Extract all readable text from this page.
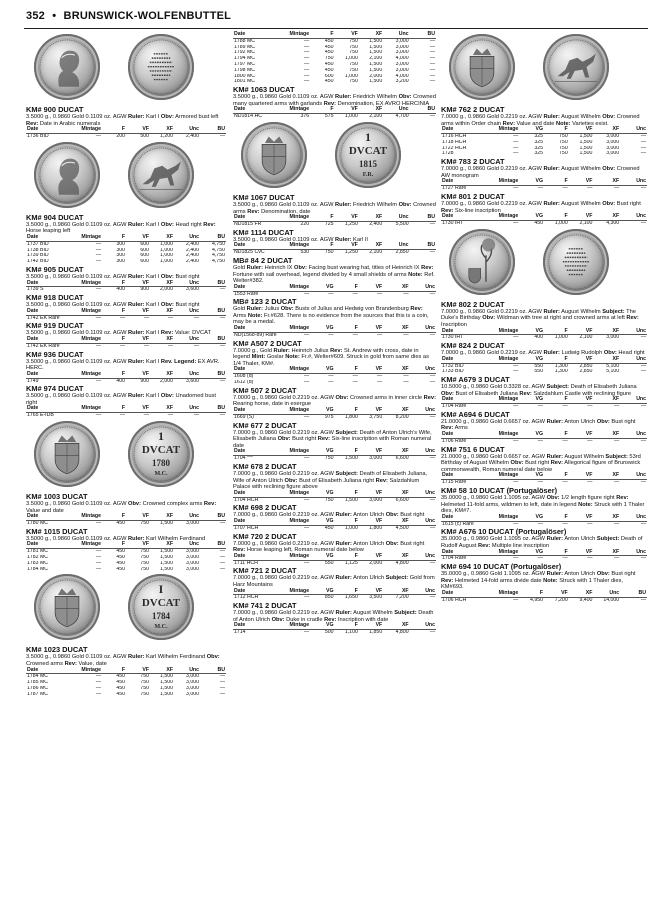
352 • BRUNSWICK-WOLFENBUTTEL
KM# 900 DUCAT
3.5000 g., 0.9860 Gold 0.1109 oz. AGW Ruler: Karl I Obv: Armored bust left Rev: Date in Arabic numerals
Date	Mintage	F	VF	XF	Unc	BU
1736 BID	—	200	500	1,200	2,400	—
KM# 904 DUCAT
3.5000 g., 0.9860 Gold 0.1109 oz. AGW Ruler: Karl I Obv: Head right Rev: Horse leaping left
Date	Mintage	F	VF	XF	Unc	BU
1737 BID	—	300	600	1,000	2,400	4,750
1738 BID	—	300	600	1,000	2,400	4,750
1739 BID	—	300	600	1,000	2,400	4,750
1742 BID	—	300	600	1,000	2,400	4,750
KM# 905 DUCAT
3.5000 g., 0.9860 Gold 0.1109 oz. AGW Ruler: Karl I Obv: Bust right
Date	Mintage	F	VF	XF	Unc	BU
1739 S	—	400	900	2,000	3,600	—
KM# 918 DUCAT
3.5000 g., 0.9860 Gold 0.1109 oz. AGW Ruler: Karl I Obv: Bust right
Date	Mintage	F	VF	XF	Unc	BU
1742 EK Rare	—	—	—	—	—	—
KM# 919 DUCAT
3.5000 g., 0.9860 Gold 0.1109 oz. AGW Ruler: Karl I Rev: Value: DVCAT
Date	Mintage	F	VF	XF	Unc	BU
1742 EK Rare	—	—	—	—	—	—
KM# 936 DUCAT
3.5000 g., 0.9860 Gold 0.1109 oz. AGW Ruler: Karl I Rev. Legend: EX AVR. HERC.
Date	Mintage	F	VF	XF	Unc	BU
1749	—	400	900	2,000	3,600	—
KM# 974 DUCAT
3.5000 g., 0.9860 Gold 0.1109 oz. AGW Ruler: Karl I Obv: Unadorned bust right
Date	Mintage	F	VF	XF	Unc	BU
1765 E-IDB	—	—	—	—	—	—
1
DVCAT
1780
M.C.
KM# 1003 DUCAT
3.5000 g., 0.9860 Gold 0.1109 oz. AGW Obv: Crowned complex arms Rev: Value and date
Date	Mintage	F	VF	XF	Unc	BU
1780 MC	—	450	750	1,500	3,000	—
KM# 1015 DUCAT
3.5000 g., 0.9860 Gold 0.1109 oz. AGW Ruler: Karl Wilhelm Ferdinand
Date	Mintage	F	VF	XF	Unc	BU
1781 MC	—	450	750	1,500	3,000	—
1782 MC	—	450	750	1,500	3,000	—
1783 MC	—	450	750	1,500	3,000	—
1784 MC	—	450	750	1,500	3,000	—
I
DVCAT
1784
M.C.
KM# 1023 DUCAT
3.5000 g., 0.9860 Gold 0.1109 oz. AGW Ruler: Karl Wilhelm Ferdinand Obv: Crowned arms Rev: Value, date
Date	Mintage	F	VF	XF	Unc	BU
1784 MC	—	450	750	1,500	3,000	—
1785 MC	—	450	750	1,500	3,000	—
1786 MC	—	450	750	1,500	3,000	—
1787 MC	—	450	750	1,500	3,000	—
Date	Mintage	F	VF	XF	Unc	BU
1788 MC	—	450	750	1,500	3,000	—
1789 MC	—	450	750	1,500	3,000	—
1792 MC	—	450	750	1,500	3,000	—
1794 MC	—	750	1,000	2,100	4,000	—
1797 MC	—	450	750	1,500	3,000	—
1798 MC	—	450	750	1,500	3,000	—
1800 MC	—	600	1,000	2,000	4,000	—
1801 MC	—	450	750	1,500	3,200	—
KM# 1063 DUCAT
3.5000 g., 0.9860 Gold 0.1109 oz. AGW Ruler: Friedrich Wilhelm Obv: Crowned many quartered arms with garlands Rev: Denomination, EX AVRO HERCINIA
Date	Mintage	F	VF	XF	Unc	BU
ND1814 HC	376	575	1,000	2,100	4,700	—
1
DVCAT
1815
F.R.
KM# 1067 DUCAT
3.5000 g., 0.9860 Gold 0.1109 oz. AGW Ruler: Friedrich Wilhelm Obv: Crowned arms Rev: Denomination, date
Date	Mintage	F	VF	XF	Unc	BU
ND1815 FR	220	725	1,250	2,400	5,500	—
KM# 1114 DUCAT
3.5000 g., 0.9860 Gold 0.1109 oz. AGW Ruler: Karl II
Date	Mintage	F	VF	XF	Unc	BU
ND1825 CvC	530	750	1,250	2,100	2,850	—
MB# 84 2 DUCAT
Gold Ruler: Heinrich IX Obv: Facing bust wearing hat, titles of Heinrich IX Rev: Fortune with sail overhead, legend divided by 4 small shields of arms Note: Ref. Welter#382.
Date	Mintage	VG	F	VF	XF	Unc
1553 Rare	—	—	—	—	—	—
MB# 123 2 DUCAT
Gold Ruler: Julius Obv: Busts of Julius and Hedwig von Brandenburg Rev: Arms Note: Fr.#628. There is no evidence from the sources that this is a coin, may be a medal.
Date	Mintage	VG	F	VF	XF	Unc
ND(1568-89) Rare	—	—	—	—	—	—
KM# A507 2 DUCAT
7.0000 g., Gold Ruler: Heinrich Julius Rev: St. Andrew with cross, date in legend Mint: Goslar Note: Fr.#, Welter#609. Struck in gold from same dies as 1/4 Thaler, KM#.
Date	Mintage	VG	F	VF	XF	Unc
1608 (d)	—	—	—	—	—	—
1612 (d)	—	—	—	—	—	—
KM# 507 2 DUCAT
7.0000 g., 0.9860 Gold 0.2219 oz. AGW Obv: Crowned arms in inner circle Rev: Rearing horse, date in exergue
Date	Mintage	VG	F	VF	XF	Unc
1669 (S)	—	975	1,800	3,750	8,200	—
KM# 677 2 DUCAT
7.0000 g., 0.9860 Gold 0.2219 oz. AGW Subject: Death of Anton Ulrich's Wife, Elisabeth Juliana Obv: Bust right Rev: Six-line inscription with Roman numeral date
Date	Mintage	VG	F	VF	XF	Unc
1704 ***	—	750	1,500	3,000	6,600	—
KM# 678 2 DUCAT
7.0000 g., 0.9860 Gold 0.2219 oz. AGW Subject: Death of Elisabeth Juliana, Wife of Anton Ulrich Obv: Bust of Elisabeth Juliana right Rev: Salzdahlum Palace with reclining figure above
Date	Mintage	VG	F	VF	XF	Unc
1704 HCH	—	750	1,500	3,000	6,600	—
KM# 698 2 DUCAT
7.0000 g., 0.9860 Gold 0.2219 oz. AGW Ruler: Anton Ulrich Obv: Bust right
Date	Mintage	VG	F	VF	XF	Unc
1707 HCH	—	450	1,000	1,800	4,500	—
KM# 720 2 DUCAT
7.0000 g., 0.9860 Gold 0.2219 oz. AGW Ruler: Anton Ulrich Obv: Bust right Rev: Horse leaping left, Roman numeral date below
Date	Mintage	VG	F	VF	XF	Unc
1711 HCH	—	550	1,125	2,000	4,800	—
KM# 721 2 DUCAT
7.0000 g., 0.9860 Gold 0.2219 oz. AGW Ruler: Anton Ulrich Subject: Gold from Harz Mountains
Date	Mintage	VG	F	VF	XF	Unc
1712 HCH	—	850	1,650	3,500	7,200	—
KM# 741 2 DUCAT
7.0000 g., 0.9860 Gold 0.2219 oz. AGW Ruler: August Wilhelm Subject: Death of Anton Ulrich Obv: Duke in cradle Rev: Inscription with date
Date	Mintage	VG	F	VF	XF	Unc
1714	—	500	1,100	1,850	4,800	—
KM# 762 2 DUCAT
7.0000 g., 0.9860 Gold 0.2219 oz. AGW Ruler: August Wilhelm Obv: Crowned arms within Order chain Rev: Value and date Note: Varieties exist.
Date	Mintage	VG	F	VF	XF	Unc
1716 HCH	—	325	750	1,500	3,000	—
1718 HCH	—	325	750	1,500	3,000	—
1722 HCH	—	325	750	1,500	3,000	—
1728	—	325	750	1,500	3,000	—
KM# 783 2 DUCAT
7.0000 g., 0.9860 Gold 0.2219 oz. AGW Ruler: August Wilhelm Obv: Crowned AW monogram
Date	Mintage	VG	F	VF	XF	Unc
1727 Rare	—	—	—	—	—	—
KM# 801 2 DUCAT
7.0000 g., 0.9860 Gold 0.2219 oz. AGW Ruler: August Wilhelm Obv: Bust right Rev: Six-line inscription
Date	Mintage	VG	F	VF	XF	Unc
1730 IHT	—	450	1,000	2,100	4,300	—
KM# 802 2 DUCAT
7.0000 g., 0.9860 Gold 0.2219 oz. AGW Ruler: August Wilhelm Subject: The Duke's Birthday Obv: Wildman with tree at right and crowned arms at left Rev: Inscription
Date	Mintage	VG	F	VF	XF	Unc
1730 IHT	—	400	1,000	2,100	3,000	—
KM# 824 2 DUCAT
7.0000 g., 0.9860 Gold 0.2219 oz. AGW Ruler: Ludwig Rudolph Obv: Head right
Date	Mintage	VG	F	VF	XF	Unc
1732 BID	—	550	1,300	2,850	5,100	—
1733 BID	—	550	1,300	2,850	5,100	—
KM# A679 3 DUCAT
10.5000 g., 0.9860 Gold 0.3328 oz. AGW Subject: Death of Elisabeth Juliana Obv: Bust of Elisabeth Juliana Rev: Salzdahlum Castle with reclining figure
Date	Mintage	VG	F	VF	XF	Unc
1704 Rare	—	—	—	—	—	—
KM# A694 6 DUCAT
21.0000 g., 0.9860 Gold 0.6657 oz. AGW Ruler: Anton Ulrich Obv: Bust right Rev: Arms
Date	Mintage	VG	F	VF	XF	Unc
1706 Rare	—	—	—	—	—	—
KM# 751 6 DUCAT
21.0000 g., 0.9860 Gold 0.6657 oz. AGW Ruler: August Wilhelm Subject: 53rd Birthday of August Wilhelm Obv: Bust right Rev: Allegorical figure of Brunswick commonwealth, Roman numeral date below
Date	Mintage	VG	F	VF	XF	Unc
1715 Rare	—	—	—	—	—	—
KM# 58 10 DUCAT (Portugalöser)
35.0000 g., 0.9860 Gold 1.1095 oz. AGW Obv: 1/2 length figure right Rev: Helmeted 11-fold arms, wildmen to left, date in legend Note: Struck with 1 Thaler dies, KM#7.
Date	Mintage	VG	F	VF	XF	Unc
1615 (c) Rare	—	—	—	—	—	—
KM# A676 10 DUCAT (Portugalöser)
35.0000 g., 0.9860 Gold 1.1095 oz. AGW Ruler: Anton Ulrich Subject: Death of Rudolf August Rev: Multiple line inscription
Date	Mintage	VG	F	VF	XF	Unc
1704 Rare	—	—	—	—	—	—
KM# 694 10 DUCAT (Portugalöser)
35.0000 g., 0.9860 Gold 1.1095 oz. AGW Ruler: Anton Ulrich Obv: Bust right Rev: Helmeted 14-fold arms divide date Note: Struck with 1 Thaler dies, KM#693.
Date	Mintage	F	VF	XF	Unc	BU
1706 HCH	—	4,950	7,200	9,400	14,000	—
